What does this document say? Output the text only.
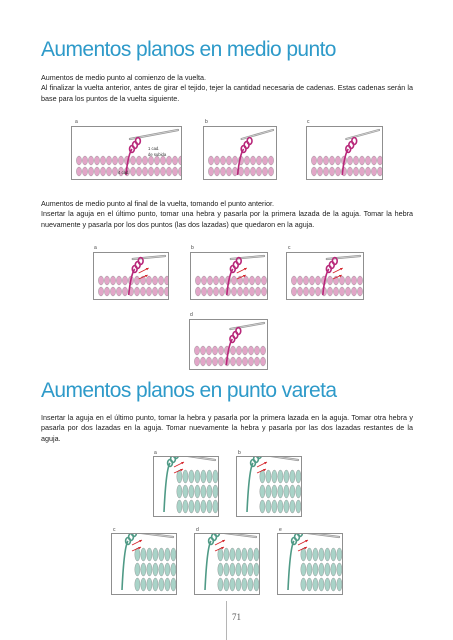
Aumentos planos en medio punto
Aumentos de medio punto al comienzo de la vuelta.
Al finalizar la vuelta anterior, antes de girar el tejido, tejer la cantidad necesaria de cadenas. Estas cadenas serán la base para los puntos de la vuelta siguiente.
a	b	c
1 cad.
de subida
4 cad.
Aumentos de medio punto al final de la vuelta, tomando el punto anterior.
Insertar la aguja en el último punto, tomar una hebra y pasarla por la primera lazada de la aguja. Tomar la hebra nuevamente y pasarla por los dos puntos (las dos lazadas) que quedaron en la aguja.
a	b	c
d
Aumentos planos en punto vareta
Insertar la aguja en el último punto, tomar la hebra y pasarla por la primera lazada en la aguja. Tomar otra hebra y pasarla por dos lazadas en la aguja. Tomar nuevamente la hebra y pasarla por las dos lazadas restantes de la aguja.
a	b
c	d	e
71
